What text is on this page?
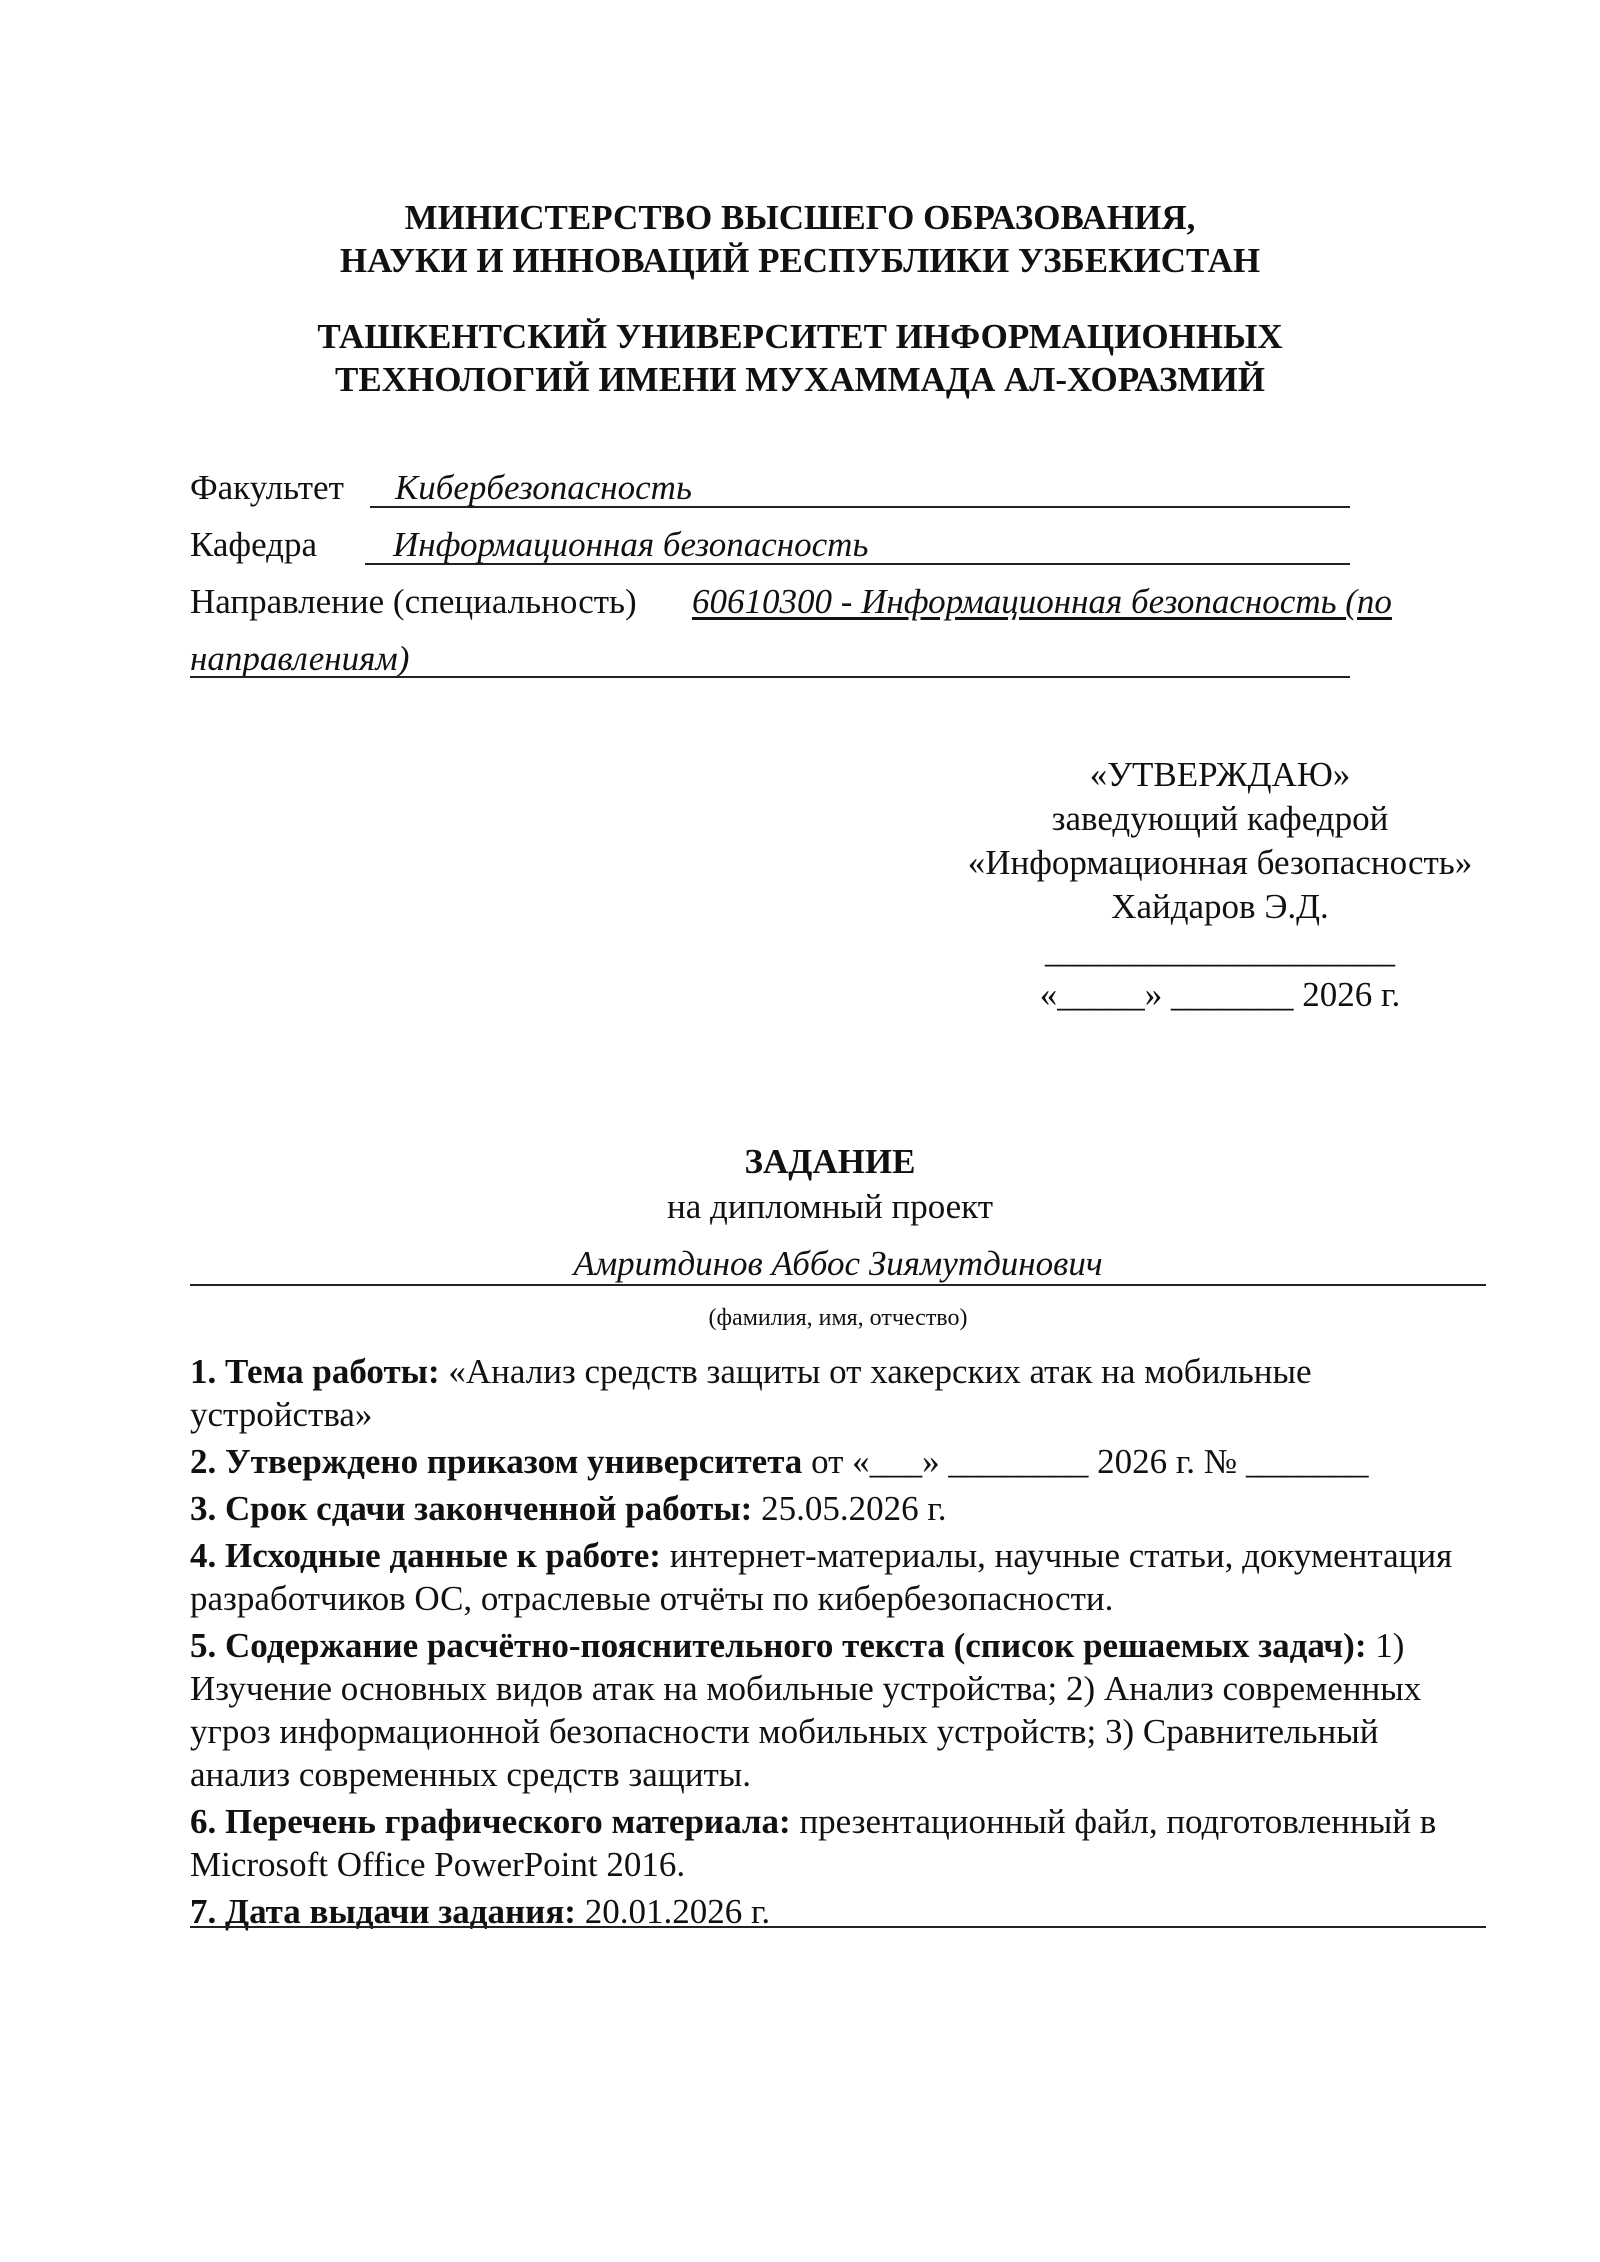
МИНИСТЕРСТВО ВЫСШЕГО ОБРАЗОВАНИЯ,
НАУКИ И ИННОВАЦИЙ РЕСПУБЛИКИ УЗБЕКИСТАН
ТАШКЕНТСКИЙ УНИВЕРСИТЕТ ИНФОРМАЦИОННЫХ
ТЕХНОЛОГИЙ ИМЕНИ МУХАММАДА АЛ-ХОРАЗМИЙ
Факультет Кибербезопасность
Кафедра Информационная безопасность
Направление (специальность) 60610300 - Информационная безопасность (по
направлениям)
«УТВЕРЖДАЮ»
заведующий кафедрой
«Информационная безопасность»
Хайдаров Э.Д.
____________________
«_____» _______ 2026 г.
ЗАДАНИЕ
на дипломный проект
Амритдинов Аббос Зиямутдинович
(фамилия, имя, отчество)

1. Тема работы: «Анализ средств защиты от хакерских атак на мобильные устройства»

2. Утверждено приказом университета от «___» ________ 2026 г. № _______

3. Срок сдачи законченной работы: 25.05.2026 г.

4. Исходные данные к работе: интернет-материалы, научные статьи, документация разработчиков ОС, отраслевые отчёты по кибербезопасности.

5. Содержание расчётно-пояснительного текста (список решаемых задач): 1) Изучение основных видов атак на мобильные устройства; 2) Анализ современных угроз информационной безопасности мобильных устройств; 3) Сравнительный анализ современных средств защиты.

6. Перечень графического материала: презентационный файл, подготовленный в Microsoft Office PowerPoint 2016.

7. Дата выдачи задания: 20.01.2026 г.
